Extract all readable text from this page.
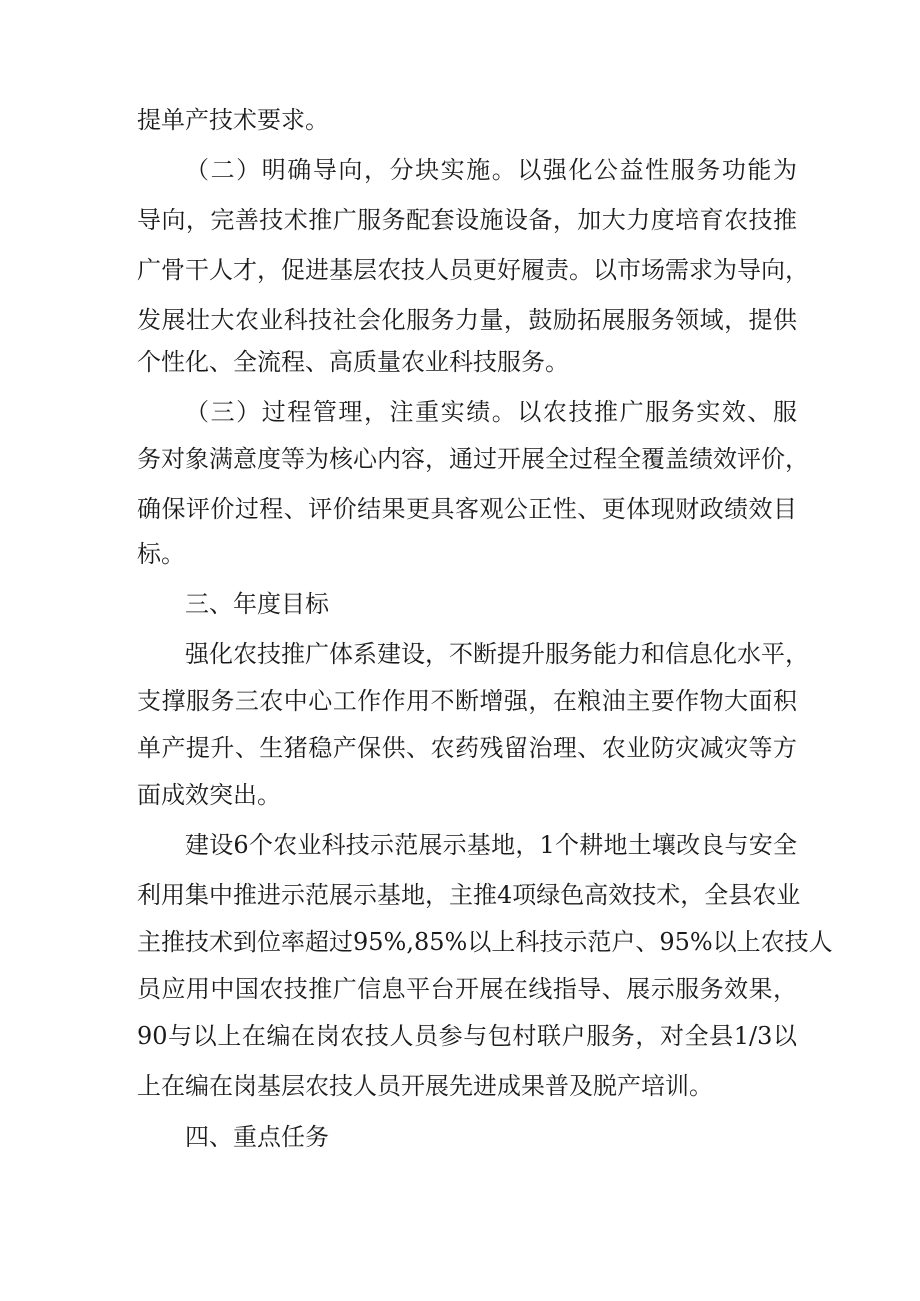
提单产技术要求。
（二）明确导向，分块实施。以强化公益性服务功能为
导向，完善技术推广服务配套设施设备，加大力度培育农技推
广骨干人才，促进基层农技人员更好履责。以市场需求为导向，
发展壮大农业科技社会化服务力量，鼓励拓展服务领域，提供
个性化、全流程、高质量农业科技服务。
（三）过程管理，注重实绩。以农技推广服务实效、服
务对象满意度等为核心内容，通过开展全过程全覆盖绩效评价，
确保评价过程、评价结果更具客观公正性、更体现财政绩效目
标。
三、年度目标
强化农技推广体系建设，不断提升服务能力和信息化水平，
支撑服务三农中心工作作用不断增强，在粮油主要作物大面积
单产提升、生猪稳产保供、农药残留治理、农业防灾减灾等方
面成效突出。
建设6个农业科技示范展示基地，1个耕地土壤改良与安全
利用集中推进示范展示基地，主推4项绿色高效技术，全县农业
主推技术到位率超过95%,85%以上科技示范户、95%以上农技人
员应用中国农技推广信息平台开展在线指导、展示服务效果，
90与以上在编在岗农技人员参与包村联户服务，对全县1/3以
上在编在岗基层农技人员开展先进成果普及脱产培训。
四、重点任务
